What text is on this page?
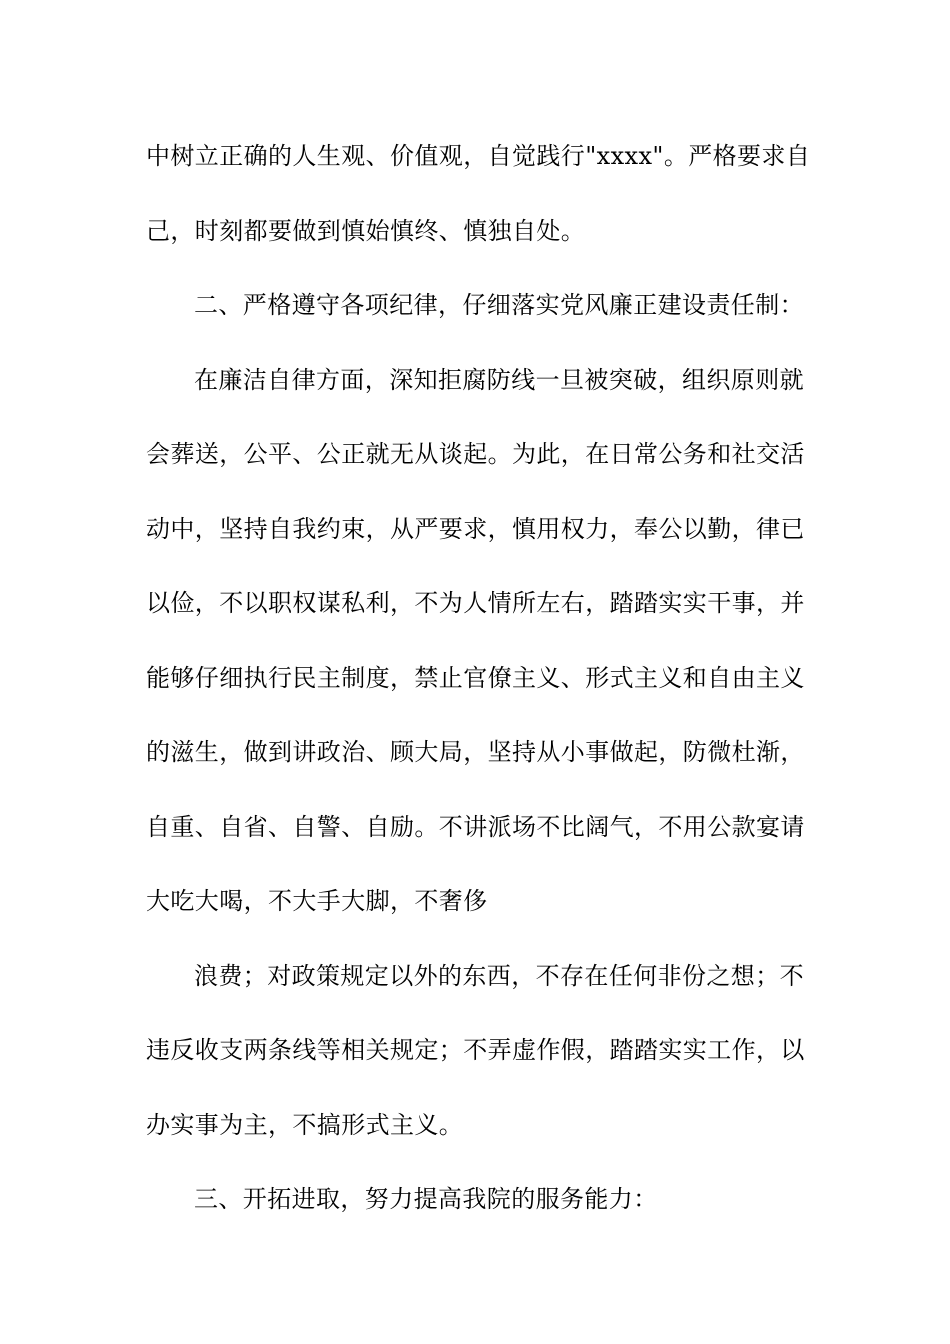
中树立正确的人生观、价值观，自觉践行"xxxx"。严格要求自
己，时刻都要做到慎始慎终、慎独自处。
二、严格遵守各项纪律，仔细落实党风廉正建设责任制：
在廉洁自律方面，深知拒腐防线一旦被突破，组织原则就
会葬送，公平、公正就无从谈起。为此，在日常公务和社交活
动中，坚持自我约束，从严要求，慎用权力，奉公以勤，律已
以俭，不以职权谋私利，不为人情所左右，踏踏实实干事，并
能够仔细执行民主制度，禁止官僚主义、形式主义和自由主义
的滋生，做到讲政治、顾大局，坚持从小事做起，防微杜渐，
自重、自省、自警、自励。不讲派场不比阔气，不用公款宴请
大吃大喝，不大手大脚，不奢侈
浪费；对政策规定以外的东西，不存在任何非份之想；不
违反收支两条线等相关规定；不弄虚作假，踏踏实实工作，以
办实事为主，不搞形式主义。
三、开拓进取，努力提高我院的服务能力：
